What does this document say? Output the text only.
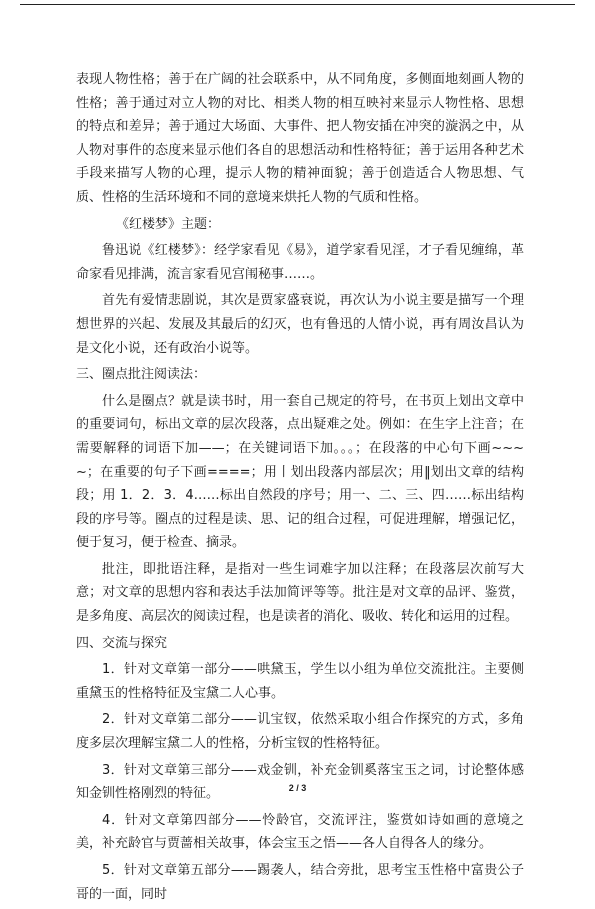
表现人物性格；善于在广阔的社会联系中，从不同角度，多侧面地刻画人物的性格；善于通过对立人物的对比、相类人物的相互映衬来显示人物性格、思想的特点和差异；善于通过大场面、大事件、把人物安插在冲突的漩涡之中，从人物对事件的态度来显示他们各自的思想活动和性格特征；善于运用各种艺术手段来描写人物的心理，提示人物的精神面貌；善于创造适合人物思想、气质、性格的生活环境和不同的意境来烘托人物的气质和性格。

《红楼梦》主题：

鲁迅说《红楼梦》：经学家看见《易》，道学家看见淫，才子看见缠绵，革命家看见排满，流言家看见宫闱秘事……。

首先有爱情悲剧说，其次是贾家盛衰说，再次认为小说主要是描写一个理想世界的兴起、发展及其最后的幻灭，也有鲁迅的人情小说，再有周汝昌认为是文化小说，还有政治小说等。

三、圈点批注阅读法：

什么是圈点？就是读书时，用一套自己规定的符号，在书页上划出文章中的重要词句，标出文章的层次段落，点出疑难之处。例如：在生字上注音；在需要解释的词语下加——；在关键词语下加。。。；在段落的中心句下画~~~~；在重要的句子下画====；用丨划出段落内部层次；用‖划出文章的结构段；用 1．2．3．4……标出自然段的序号；用一、二、三、四……标出结构段的序号等。圈点的过程是读、思、记的组合过程，可促进理解，增强记忆，便于复习，便于检查、摘录。

批注，即批语注释，是指对一些生词难字加以注释；在段落层次前写大意；对文章的思想内容和表达手法加简评等等。批注是对文章的品评、鉴赏，是多角度、高层次的阅读过程，也是读者的消化、吸收、转化和运用的过程。

四、交流与探究

1．针对文章第一部分——哄黛玉，学生以小组为单位交流批注。主要侧重黛玉的性格特征及宝黛二人心事。

2．针对文章第二部分——讥宝钗，依然采取小组合作探究的方式，多角度多层次理解宝黛二人的性格，分析宝钗的性格特征。

3．针对文章第三部分——戏金钏，补充金钏奚落宝玉之词，讨论整体感知金钏性格刚烈的特征。

4．针对文章第四部分——怜龄官，交流评注，鉴赏如诗如画的意境之美，补充龄官与贾蔷相关故事，体会宝玉之悟——各人自得各人的缘分。

5．针对文章第五部分——踢袭人，结合旁批，思考宝玉性格中富贵公子哥的一面，同时

2 / 3
